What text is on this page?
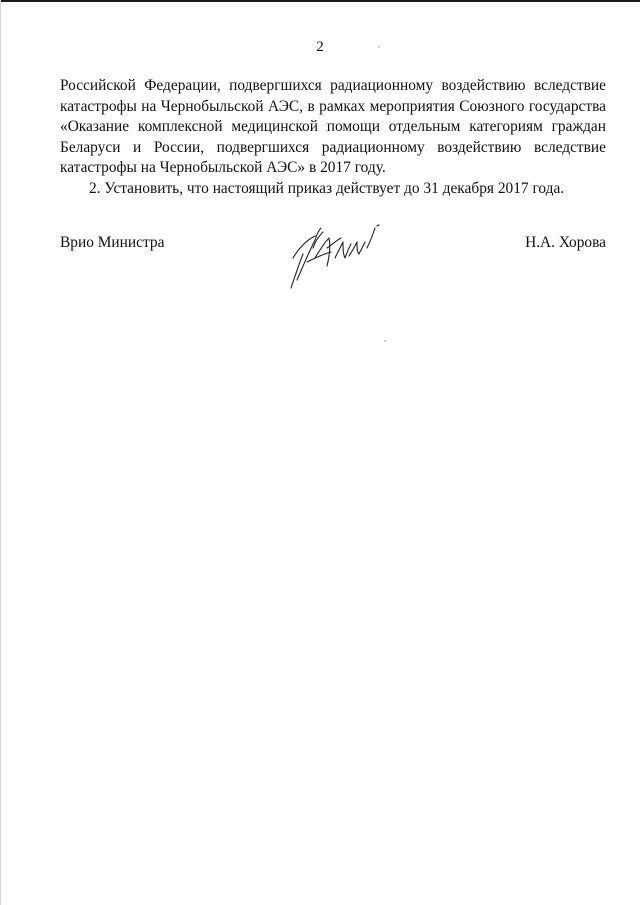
2

Российской Федерации, подвергшихся радиационному воздействию вследствие катастрофы на Чернобыльской АЭС, в рамках мероприятия Союзного государства «Оказание комплексной медицинской помощи отдельным категориям граждан Беларуси и России, подвергшихся радиационному воздействию вследствие катастрофы на Чернобыльской АЭС» в 2017 году.

2. Установить, что настоящий приказ действует до 31 декабря 2017 года.

Врио Министра	Н.А. Хорова
